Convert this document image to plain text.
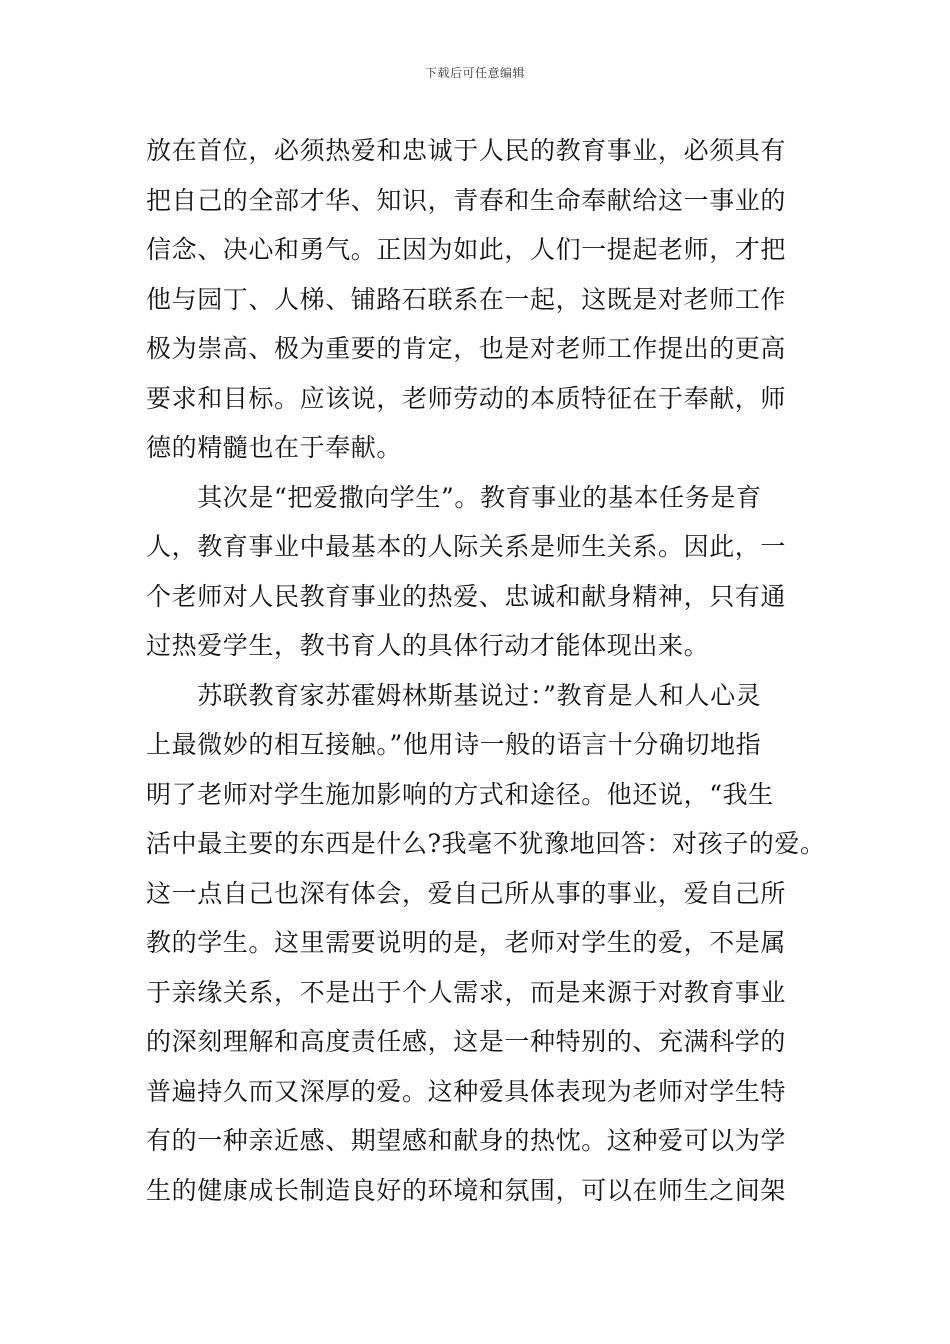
下载后可任意编辑
放在首位，必须热爱和忠诚于人民的教育事业，必须具有
把自己的全部才华、知识，青春和生命奉献给这一事业的
信念、决心和勇气。正因为如此，人们一提起老师，才把
他与园丁、人梯、铺路石联系在一起，这既是对老师工作
极为崇高、极为重要的肯定，也是对老师工作提出的更高
要求和目标。应该说，老师劳动的本质特征在于奉献，师
德的精髓也在于奉献。
　　其次是“把爱撒向学生”。教育事业的基本任务是育
人，教育事业中最基本的人际关系是师生关系。因此，一
个老师对人民教育事业的热爱、忠诚和献身精神，只有通
过热爱学生，教书育人的具体行动才能体现出来。
　　苏联教育家苏霍姆林斯基说过：”教育是人和人心灵
上最微妙的相互接触。”他用诗一般的语言十分确切地指
明了老师对学生施加影响的方式和途径。他还说，“我生
活中最主要的东西是什么?我毫不犹豫地回答：对孩子的爱。
这一点自己也深有体会，爱自己所从事的事业，爱自己所
教的学生。这里需要说明的是，老师对学生的爱，不是属
于亲缘关系，不是出于个人需求，而是来源于对教育事业
的深刻理解和高度责任感，这是一种特别的、充满科学的
普遍持久而又深厚的爱。这种爱具体表现为老师对学生特
有的一种亲近感、期望感和献身的热忱。这种爱可以为学
生的健康成长制造良好的环境和氛围，可以在师生之间架
